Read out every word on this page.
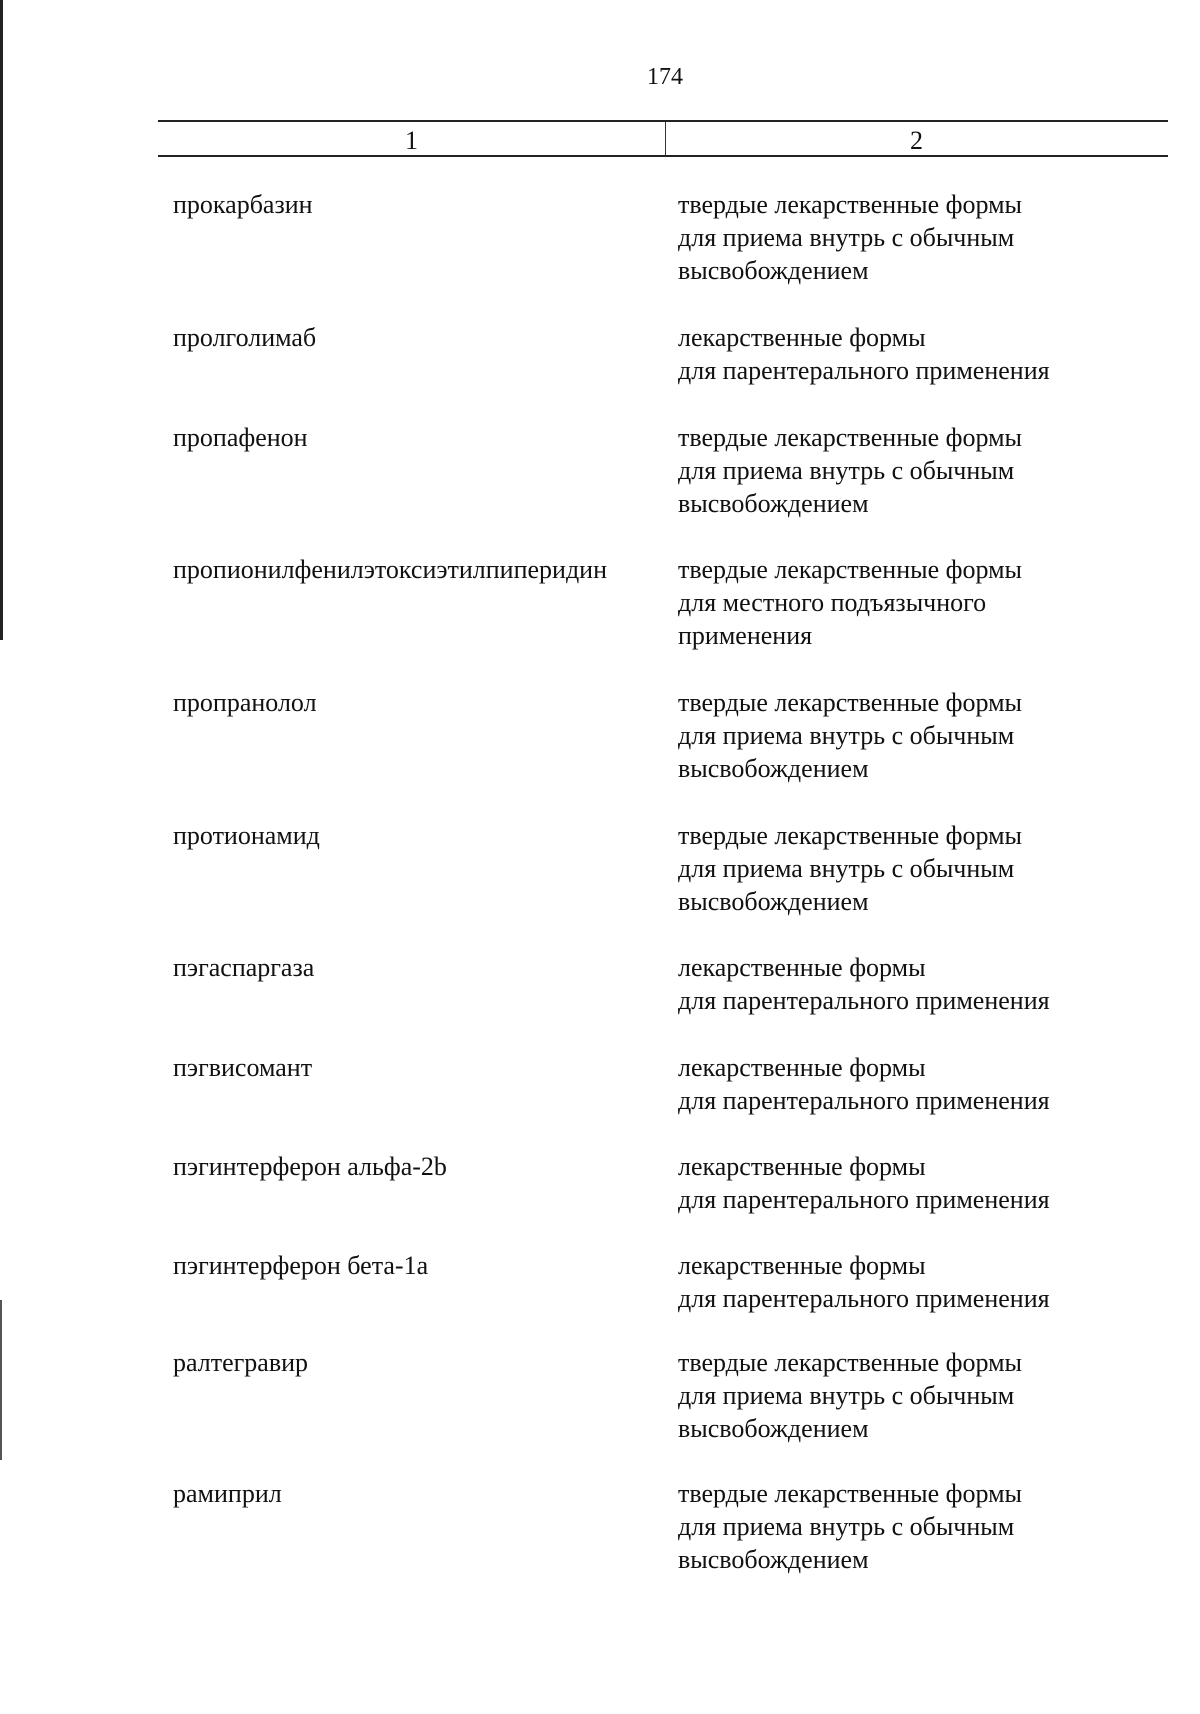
174
1	2
прокарбазин	твердые лекарственные формы
для приема внутрь с обычным
высвобождением
пролголимаб	лекарственные формы
для парентерального применения
пропафенон	твердые лекарственные формы
для приема внутрь с обычным
высвобождением
пропионилфенилэтоксиэтилпиперидин	твердые лекарственные формы
для местного подъязычного
применения
пропранолол	твердые лекарственные формы
для приема внутрь с обычным
высвобождением
протионамид	твердые лекарственные формы
для приема внутрь с обычным
высвобождением
пэгаспаргаза	лекарственные формы
для парентерального применения
пэгвисомант	лекарственные формы
для парентерального применения
пэгинтерферон альфа-2b	лекарственные формы
для парентерального применения
пэгинтерферон бета-1a	лекарственные формы
для парентерального применения
ралтегравир	твердые лекарственные формы
для приема внутрь с обычным
высвобождением
рамиприл	твердые лекарственные формы
для приема внутрь с обычным
высвобождением
